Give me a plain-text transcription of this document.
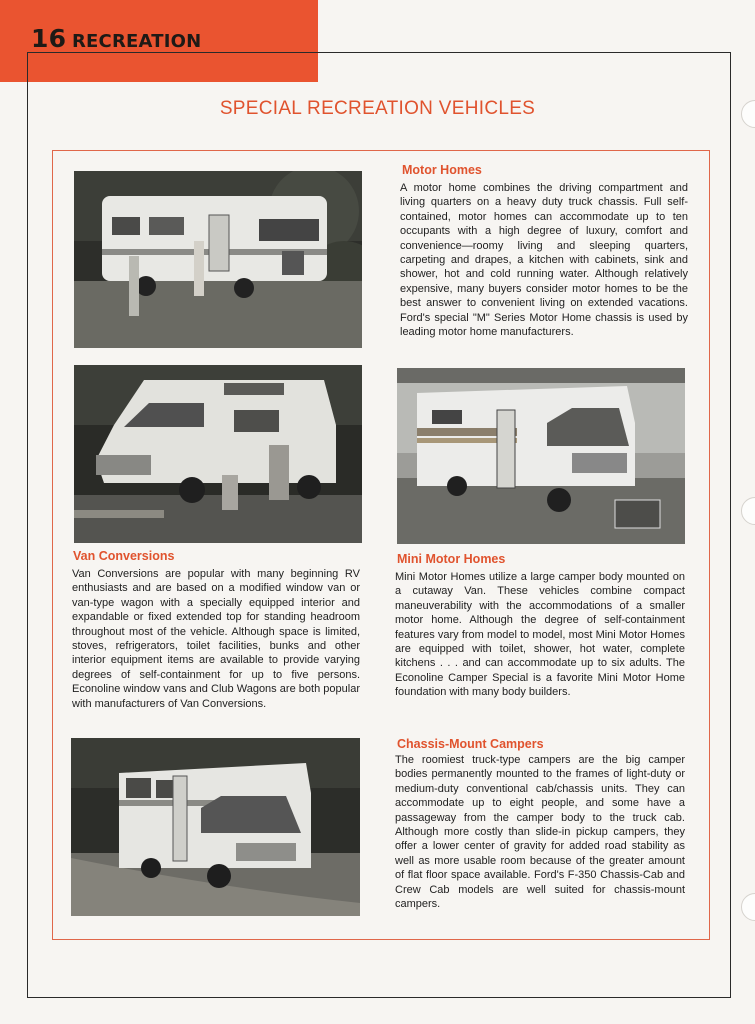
16 RECREATION
SPECIAL RECREATION VEHICLES
Motor Homes
A motor home combines the driving compartment and living quarters on a heavy duty truck chassis. Full self-contained, motor homes can accommodate up to ten occupants with a high degree of luxury, comfort and convenience—roomy living and sleeping quarters, carpeting and drapes, a kitchen with cabinets, sink and shower, hot and cold running water. Although relatively expensive, many buyers consider motor homes to be the best answer to convenient living on extended vacations. Ford's special "M" Series Motor Home chassis is used by leading motor home manufacturers.
Van Conversions
Van Conversions are popular with many beginning RV enthusiasts and are based on a modified window van or van-type wagon with a specially equipped interior and expandable or fixed extended top for standing headroom throughout most of the vehicle. Although space is limited, stoves, refrigerators, toilet facilities, bunks and other interior equipment items are available to provide varying degrees of self-containment for up to five persons. Econoline window vans and Club Wagons are both popular with manufacturers of Van Conversions.
Mini Motor Homes
Mini Motor Homes utilize a large camper body mounted on a cutaway Van. These vehicles combine compact maneuverability with the accommodations of a smaller motor home. Although the degree of self-containment features vary from model to model, most Mini Motor Homes are equipped with toilet, shower, hot water, complete kitchens . . . and can accommodate up to six adults. The Econoline Camper Special is a favorite Mini Motor Home foundation with many body builders.
Chassis-Mount Campers
The roomiest truck-type campers are the big camper bodies permanently mounted to the frames of light-duty or medium-duty conventional cab/chassis units. They can accommodate up to eight people, and some have a passageway from the camper body to the truck cab. Although more costly than slide-in pickup campers, they offer a lower center of gravity for added road stability as well as more usable room because of the greater amount of flat floor space available. Ford's F-350 Chassis-Cab and Crew Cab models are well suited for chassis-mount campers.
